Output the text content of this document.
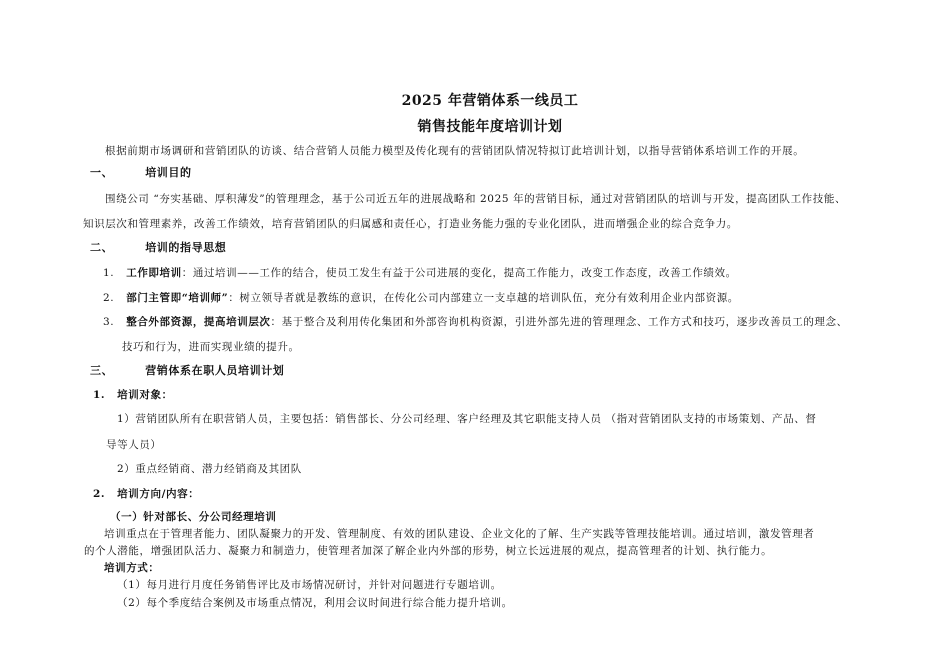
2025 年营销体系一线员工
销售技能年度培训计划
根据前期市场调研和营销团队的访谈、结合营销人员能力模型及传化现有的营销团队情况特拟订此培训计划，以指导营销体系培训工作的开展。
一、	培训目的
围绕公司 “夯实基础、厚积薄发”的管理理念，基于公司近五年的进展战略和 2025 年的营销目标，通过对营销团队的培训与开发，提高团队工作技能、
知识层次和管理素养，改善工作绩效，培育营销团队的归属感和责任心，打造业务能力强的专业化团队，进而增强企业的综合竞争力。
二、	培训的指导思想
1. 工作即培训：通过培训——工作的结合，使员工发生有益于公司进展的变化，提高工作能力，改变工作态度，改善工作绩效。
2. 部门主管即“培训师”：树立领导者就是教练的意识，在传化公司内部建立一支卓越的培训队伍，充分有效利用企业内部资源。
3. 整合外部资源，提高培训层次：基于整合及利用传化集团和外部咨询机构资源，引进外部先进的管理理念、工作方式和技巧，逐步改善员工的理念、
技巧和行为，进而实现业绩的提升。
三、	营销体系在职人员培训计划
1. 培训对象：
1）营销团队所有在职营销人员，主要包括：销售部长、分公司经理、客户经理及其它职能支持人员 （指对营销团队支持的市场策划、产品、督
导等人员）
2）重点经销商、潜力经销商及其团队
2. 培训方向/内容：
（一）针对部长、分公司经理培训
培训重点在于管理者能力、团队凝聚力的开发、管理制度、有效的团队建设、企业文化的了解、生产实践等管理技能培训。通过培训，激发管理者
的个人潜能，增强团队活力、凝聚力和制造力，使管理者加深了解企业内外部的形势，树立长远进展的观点，提高管理者的计划、执行能力。
培训方式：
（1）每月进行月度任务销售评比及市场情况研讨，并针对问题进行专题培训。
（2）每个季度结合案例及市场重点情况，利用会议时间进行综合能力提升培训。
